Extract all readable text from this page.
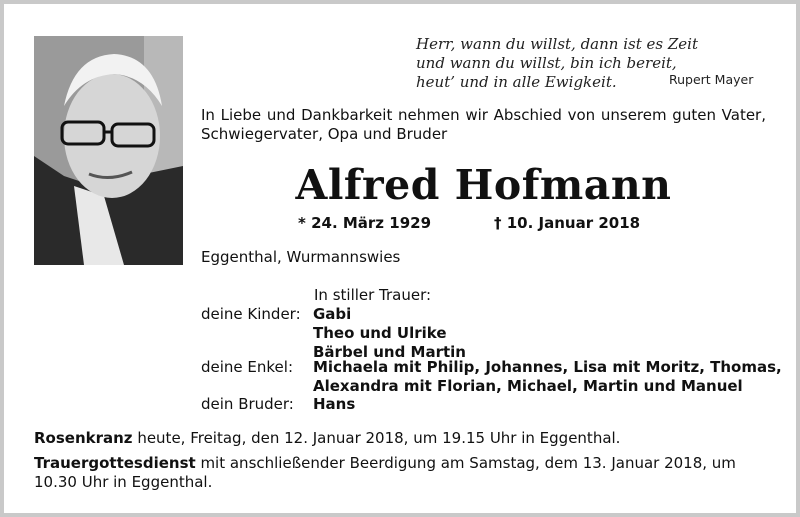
Herr, wann du willst, dann ist es Zeit
und wann du willst, bin ich bereit,
heut’ und in alle Ewigkeit.	Rupert Mayer
In Liebe und Dankbarkeit nehmen wir Abschied von unserem guten Vater, Schwiegervater, Opa und Bruder
Alfred Hofmann
* 24. März 1929	† 10. Januar 2018
Eggenthal, Wurmannswies
In stiller Trauer:
deine Kinder: Gabi
Theo und Ulrike
Bärbel und Martin
deine Enkel: Michaela mit Philip, Johannes, Lisa mit Moritz, Thomas,
Alexandra mit Florian, Michael, Martin und Manuel
dein Bruder: Hans
Rosenkranz heute, Freitag, den 12. Januar 2018, um 19.15 Uhr in Eggenthal.
Trauergottesdienst mit anschließender Beerdigung am Samstag, dem 13. Januar 2018, um
10.30 Uhr in Eggenthal.
